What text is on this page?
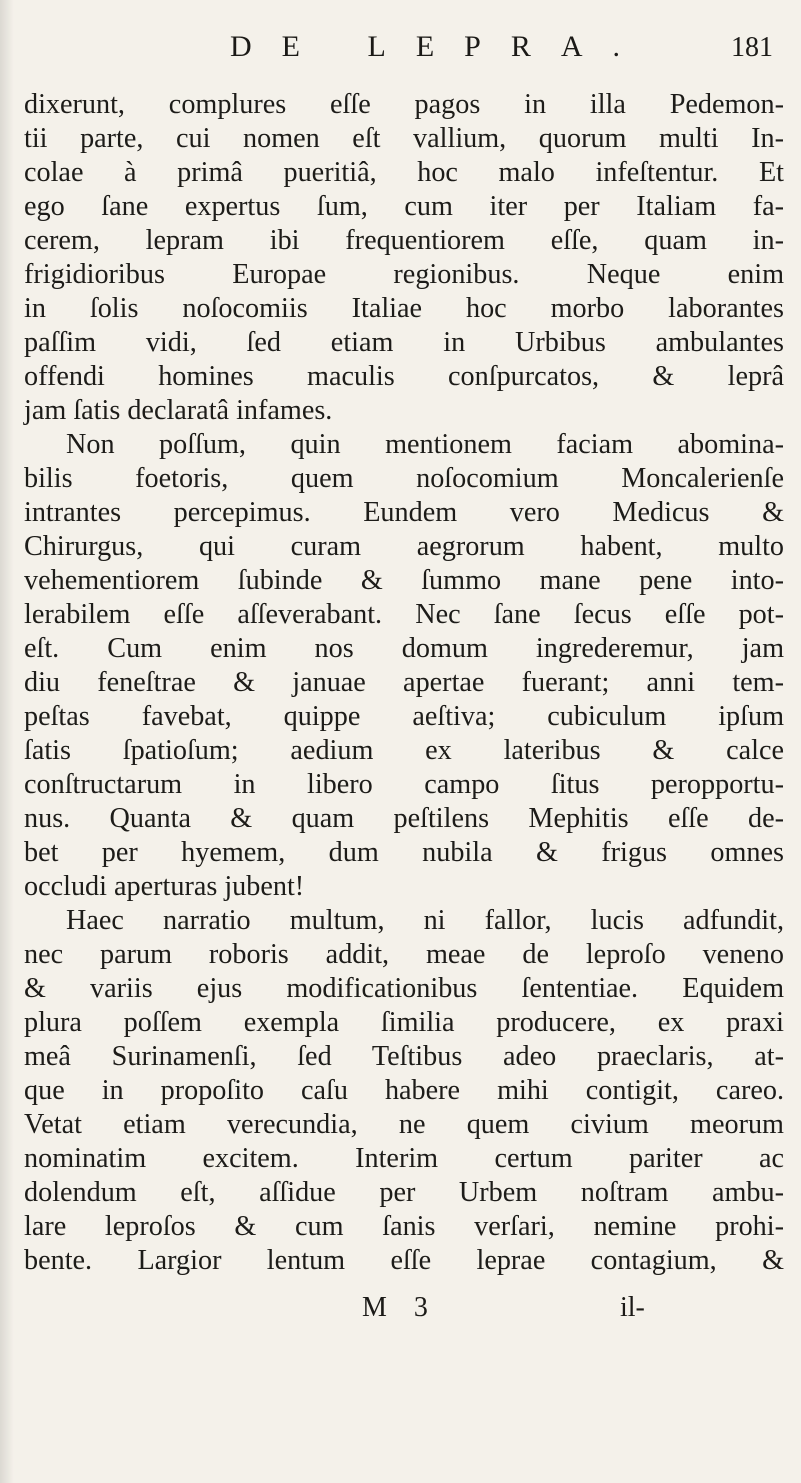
DE LEPRA.	181
dixerunt, complures eſſe pagos in illa Pedemon-
tii parte, cui nomen eſt vallium, quorum multi In-
colae à primâ pueritiâ, hoc malo infeſtentur. Et
ego ſane expertus ſum, cum iter per Italiam fa-
cerem, lepram ibi frequentiorem eſſe, quam in-
frigidioribus Europae regionibus. Neque enim
in ſolis noſocomiis Italiae hoc morbo laborantes
paſſim vidi, ſed etiam in Urbibus ambulantes
offendi homines maculis conſpurcatos, & leprâ
jam ſatis declaratâ infames.
Non poſſum, quin mentionem faciam abomina-
bilis foetoris, quem noſocomium Moncalerienſe
intrantes percepimus. Eundem vero Medicus &
Chirurgus, qui curam aegrorum habent, multo
vehementiorem ſubinde & ſummo mane pene into-
lerabilem eſſe aſſeverabant. Nec ſane ſecus eſſe pot-
eſt. Cum enim nos domum ingrederemur, jam
diu feneſtrae & januae apertae fuerant; anni tem-
peſtas favebat, quippe aeſtiva; cubiculum ipſum
ſatis ſpatioſum; aedium ex lateribus & calce
conſtructarum in libero campo ſitus peropportu-
nus. Quanta & quam peſtilens Mephitis eſſe de-
bet per hyemem, dum nubila & frigus omnes
occludi aperturas jubent!
Haec narratio multum, ni fallor, lucis adfundit,
nec parum roboris addit, meae de leproſo veneno
& variis ejus modificationibus ſententiae. Equidem
plura poſſem exempla ſimilia producere, ex praxi
meâ Surinamenſi, ſed Teſtibus adeo praeclaris, at-
que in propoſito caſu habere mihi contigit, careo.
Vetat etiam verecundia, ne quem civium meorum
nominatim excitem. Interim certum pariter ac
dolendum eſt, aſſidue per Urbem noſtram ambu-
lare leproſos & cum ſanis verſari, nemine prohi-
bente. Largior lentum eſſe leprae contagium, &
M 3	il-
